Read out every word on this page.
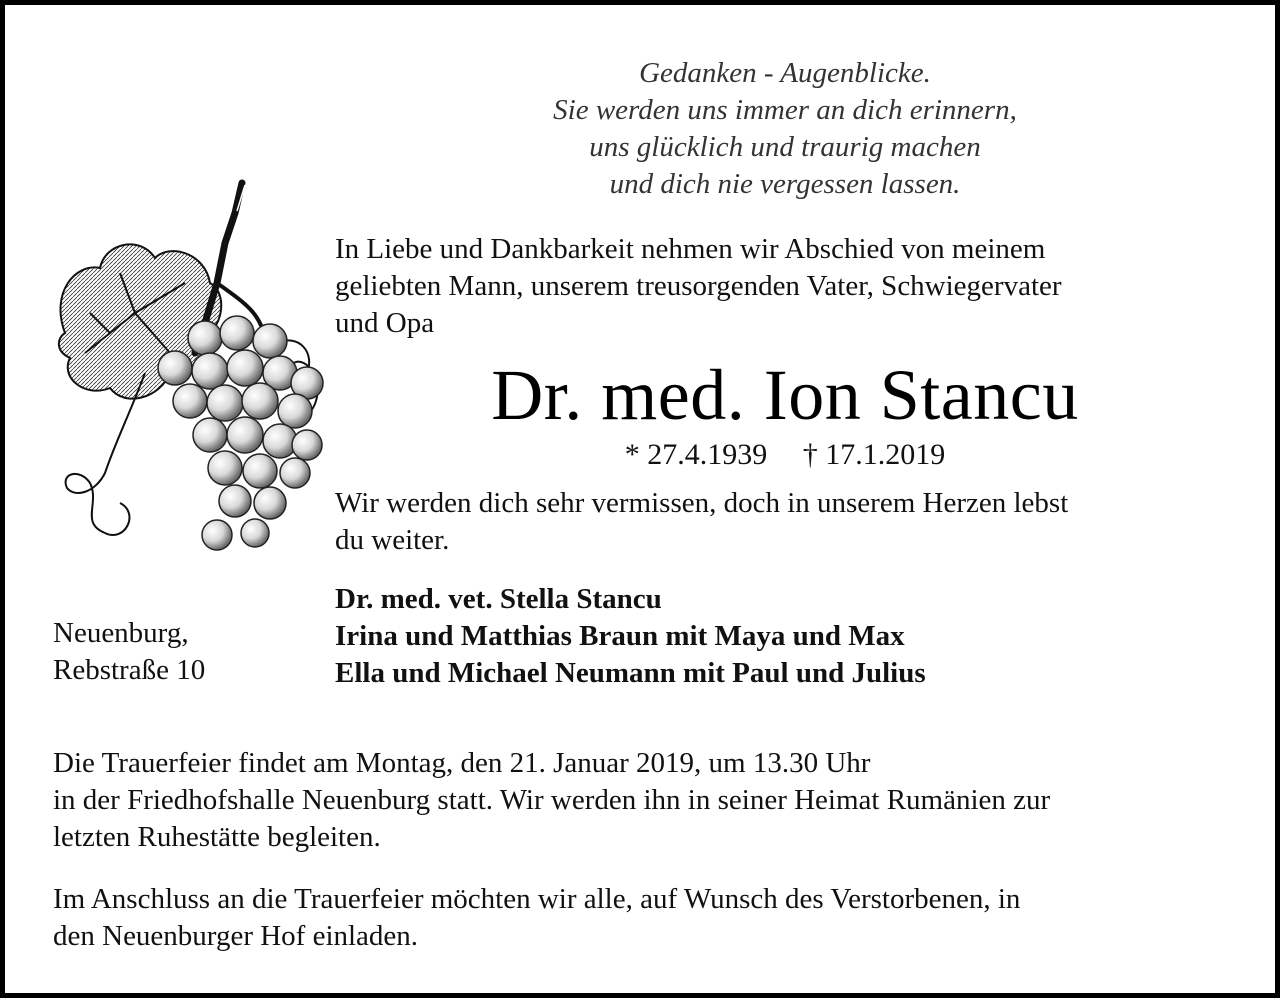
Gedanken - Augenblicke.
Sie werden uns immer an dich erinnern,
uns glücklich und traurig machen
und dich nie vergessen lassen.
In Liebe und Dankbarkeit nehmen wir Abschied von meinem
geliebten Mann, unserem treusorgenden Vater, Schwiegervater
und Opa
Dr. med. Ion Stancu
* 27.4.1939 † 17.1.2019
Wir werden dich sehr vermissen, doch in unserem Herzen lebst
du weiter.
Neuenburg,
Rebstraße 10
Dr. med. vet. Stella Stancu
Irina und Matthias Braun mit Maya und Max
Ella und Michael Neumann mit Paul und Julius
Die Trauerfeier findet am Montag, den 21. Januar 2019, um 13.30 Uhr
in der Friedhofshalle Neuenburg statt. Wir werden ihn in seiner Heimat Rumänien zur
letzten Ruhestätte begleiten.
Im Anschluss an die Trauerfeier möchten wir alle, auf Wunsch des Verstorbenen, in
den Neuenburger Hof einladen.
